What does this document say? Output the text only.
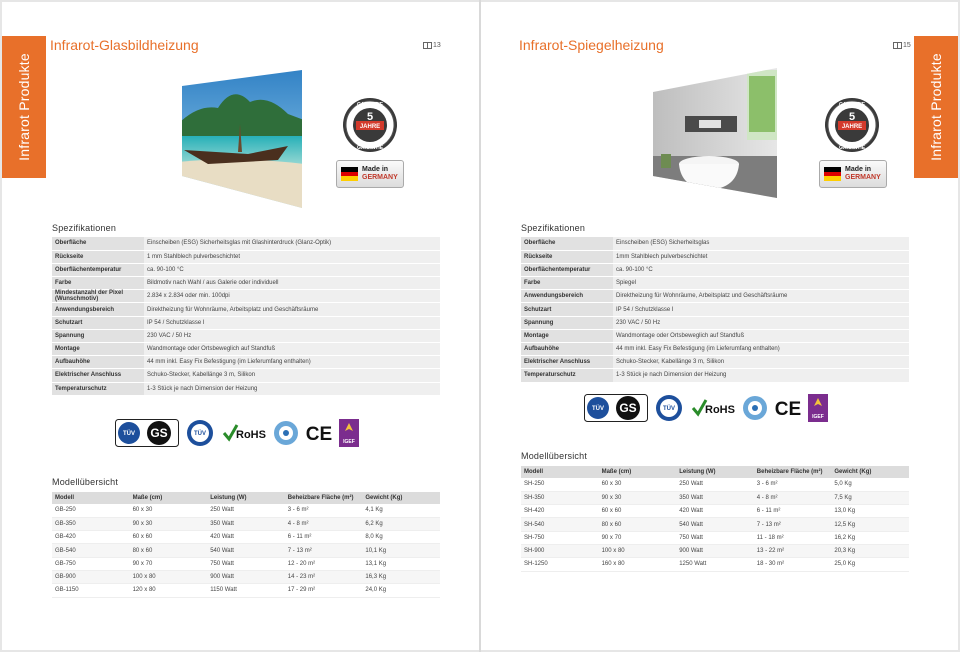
Infrarot Produkte
Infrarot-Glasbildheizung	13
GARANTIE
5
JAHRE
GARANTIE
Made in
GERMANY
Spezifikationen
Oberfläche	Einscheiben (ESG) Sicherheitsglas mit Glashinterdruck (Glanz-Optik)
Rückseite	1 mm Stahlblech pulverbeschichtet
Oberflächentemperatur	ca. 90-100 °C
Farbe	Bildmotiv nach Wahl / aus Galerie oder individuell
Mindestanzahl der Pixel (Wunschmotiv)	2.834 x 2.834 oder min. 100dpi
Anwendungsbereich	Direktheizung für Wohnräume, Arbeitsplatz und Geschäftsräume
Schutzart	IP 54 / Schutzklasse I
Spannung	230 VAC / 50 Hz
Montage	Wandmontage oder Ortsbeweglich auf Standfuß
Aufbauhöhe	44 mm inkl. Easy Fix Befestigung (im Lieferumfang enthalten)
Elektrischer Anschluss	Schuko-Stecker, Kabellänge 3 m, Silikon
Temperaturschutz	1-3 Stück je nach Dimension der Heizung
TÜV GS	TÜV	RoHS CE IGEF
Modellübersicht
Modell	Maße (cm)	Leistung (W)	Beheizbare Fläche (m²)	Gewicht (Kg)
GB-250	60 x 30	250 Watt	3 - 6 m²	4,1 Kg
GB-350	90 x 30	350 Watt	4 - 8 m²	6,2 Kg
GB-420	60 x 60	420 Watt	6 - 11 m²	8,0 Kg
GB-540	80 x 60	540 Watt	7 - 13 m²	10,1 Kg
GB-750	90 x 70	750 Watt	12 - 20 m²	13,1 Kg
GB-900	100 x 80	900 Watt	14 - 23 m²	16,3 Kg
GB-1150	120 x 80	1150 Watt	17 - 29 m²	24,0 Kg
Infrarot Produkte
Infrarot-Spiegelheizung	15
GARANTIE
5
JAHRE
GARANTIE
Made in
GERMANY
Spezifikationen
Oberfläche	Einscheiben (ESG) Sicherheitsglas
Rückseite	1mm Stahlblech pulverbeschichtet
Oberflächentemperatur	ca. 90-100 °C
Farbe	Spiegel
Anwendungsbereich	Direktheizung für Wohnräume, Arbeitsplatz und Geschäftsräume
Schutzart	IP 54 / Schutzklasse I
Spannung	230 VAC / 50 Hz
Montage	Wandmontage oder Ortsbeweglich auf Standfuß
Aufbauhöhe	44 mm inkl. Easy Fix Befestigung (im Lieferumfang enthalten)
Elektrischer Anschluss	Schuko-Stecker, Kabellänge 3 m, Silikon
Temperaturschutz	1-3 Stück je nach Dimension der Heizung
TÜV GS	TÜV	RoHS CE IGEF
Modellübersicht
Modell	Maße (cm)	Leistung (W)	Beheizbare Fläche (m²)	Gewicht (Kg)
SH-250	60 x 30	250 Watt	3 - 6 m²	5,0 Kg
SH-350	90 x 30	350 Watt	4 - 8 m²	7,5 Kg
SH-420	60 x 60	420 Watt	6 - 11 m²	13,0 Kg
SH-540	80 x 60	540 Watt	7 - 13 m²	12,5 Kg
SH-750	90 x 70	750 Watt	11 - 18 m²	16,2 Kg
SH-900	100 x 80	900 Watt	13 - 22 m²	20,3 Kg
SH-1250	160 x 80	1250 Watt	18 - 30 m²	25,0 Kg
